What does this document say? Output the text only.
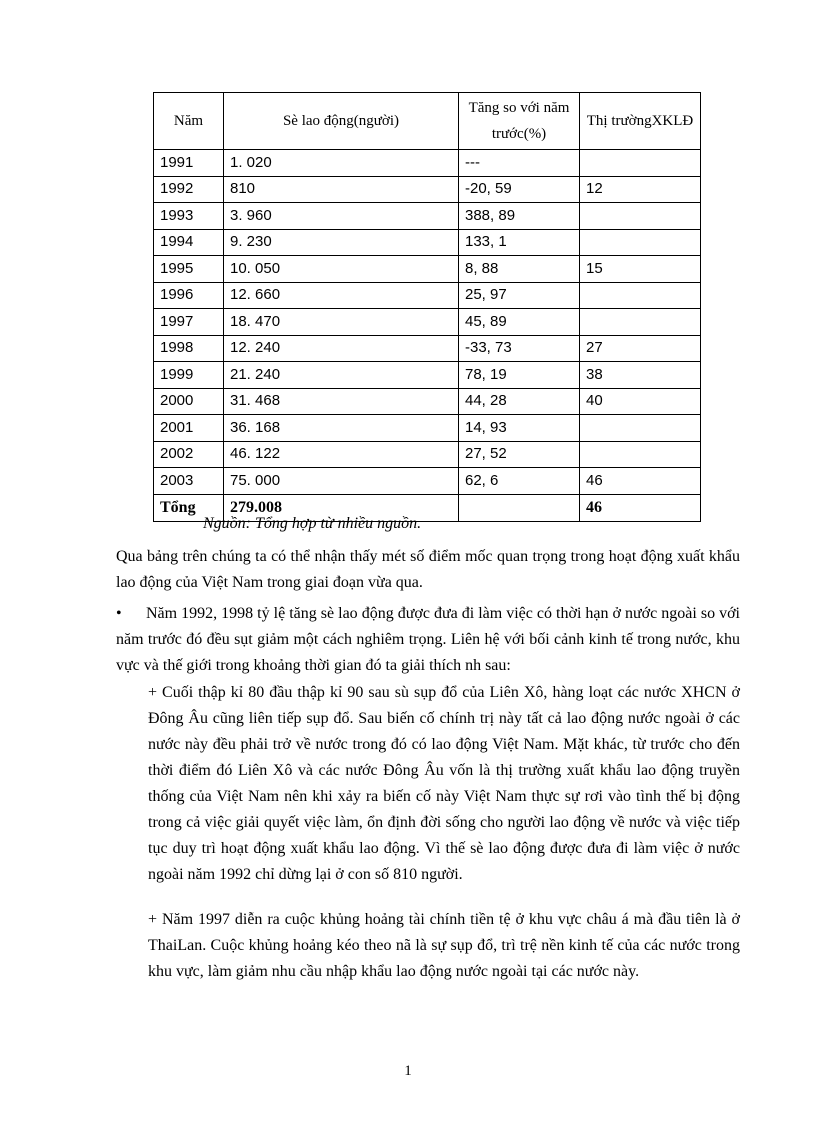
Năm	Sè lao động(người)	Tăng so với năm trước(%)	Thị trườngXKLĐ
1991	1. 020	---	
1992	810	-20, 59	12
1993	3. 960	388, 89	
1994	9. 230	133, 1	
1995	10. 050	8, 88	15
1996	12. 660	25, 97	
1997	18. 470	45, 89	
1998	12. 240	-33, 73	27
1999	21. 240	78, 19	38
2000	31. 468	44, 28	40
2001	36. 168	14, 93	
2002	46. 122	27, 52	
2003	75. 000	62, 6	46
Tổng	279.008		46

Nguồn: Tổng hợp từ nhiều nguồn.

Qua bảng trên chúng ta có thể nhận thấy mét số điểm mốc quan trọng trong hoạt động xuất khẩu lao động của Việt Nam trong giai đoạn vừa qua.

• Năm 1992, 1998 tỷ lệ tăng sè lao động được đưa đi làm việc có thời hạn ở nước ngoài so với năm trước đó đều sụt giảm một cách nghiêm trọng. Liên hệ với bối cảnh kinh tế trong nước, khu vực và thế giới trong khoảng thời gian đó ta giải thích nh sau:

+ Cuối thập kỉ 80 đầu thập kỉ 90 sau sù sụp đổ của Liên Xô, hàng loạt các nước XHCN ở Đông Âu cũng liên tiếp sụp đổ. Sau biến cố chính trị này tất cả lao động nước ngoài ở các nước này đều phải trở về nước trong đó có lao động Việt Nam. Mặt khác, từ trước cho đến thời điểm đó Liên Xô và các nước Đông Âu vốn là thị trường xuất khẩu lao động truyền thống của Việt Nam nên khi xảy ra biến cố này Việt Nam thực sự rơi vào tình thế bị động trong cả việc giải quyết việc làm, ổn định đời sống cho người lao động về nước và việc tiếp tục duy trì hoạt động xuất khẩu lao động. Vì thế sè lao động được đưa đi làm việc ở nước ngoài năm 1992 chỉ dừng lại ở con số 810 người.

+ Năm 1997 diễn ra cuộc khủng hoảng tài chính tiền tệ ở khu vực châu á mà đầu tiên là ở ThaiLan. Cuộc khủng hoảng kéo theo nã là sự sụp đổ, trì trệ nền kinh tế của các nước trong khu vực, làm giảm nhu cầu nhập khẩu lao động nước ngoài tại các nước này.

1
